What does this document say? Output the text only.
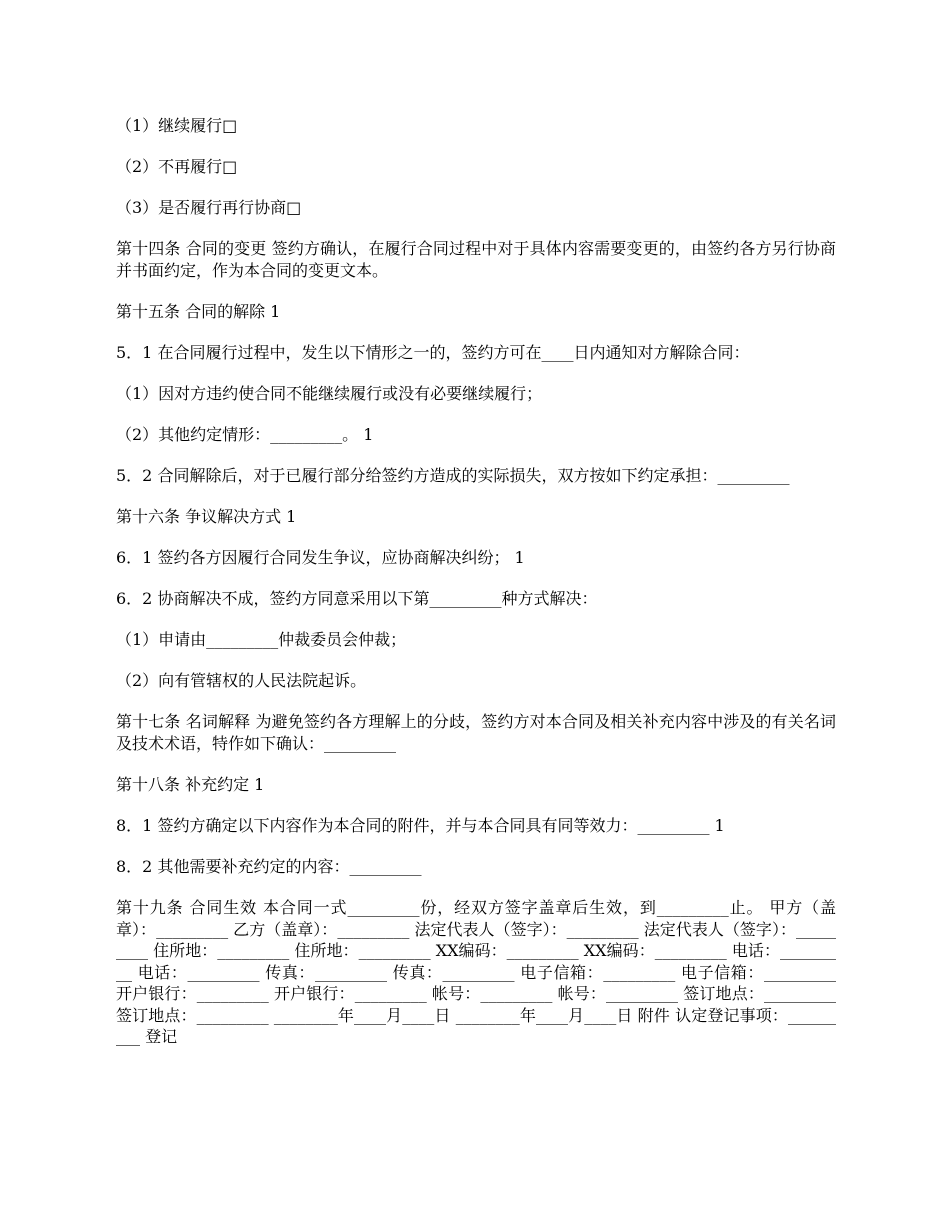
（1）继续履行□

（2）不再履行□

（3）是否履行再行协商□

第十四条 合同的变更 签约方确认，在履行合同过程中对于具体内容需要变更的，由签约各方另行协商并书面约定，作为本合同的变更文本。

第十五条 合同的解除 1

5．1 在合同履行过程中，发生以下情形之一的，签约方可在____日内通知对方解除合同：

（1）因对方违约使合同不能继续履行或没有必要继续履行；

（2）其他约定情形：_________。 1

5．2 合同解除后，对于已履行部分给签约方造成的实际损失，双方按如下约定承担：_________

第十六条 争议解决方式 1

6．1 签约各方因履行合同发生争议，应协商解决纠纷； 1

6．2 协商解决不成，签约方同意采用以下第_________种方式解决：

（1）申请由_________仲裁委员会仲裁；

（2）向有管辖权的人民法院起诉。

第十七条 名词解释 为避免签约各方理解上的分歧，签约方对本合同及相关补充内容中涉及的有关名词及技术术语，特作如下确认：_________

第十八条 补充约定 1

8．1 签约方确定以下内容作为本合同的附件，并与本合同具有同等效力：_________ 1

8．2 其他需要补充约定的内容：_________

第十九条 合同生效 本合同一式_________份，经双方签字盖章后生效，到_________止。 甲方（盖章）：_________ 乙方（盖章）：_________ 法定代表人（签字）：_________ 法定代表人（签字）：_________ 住所地：_________ 住所地：_________ XX编码：_________ XX编码：_________ 电话：_________ 电话：_________ 传真：_________ 传真：_________ 电子信箱：_________ 电子信箱：_________ 开户银行：_________ 开户银行：_________ 帐号：_________ 帐号：_________ 签订地点：_________ 签订地点：_________ ________年____月____日 ________年____月____日 附件 认定登记事项：_________ 登记
